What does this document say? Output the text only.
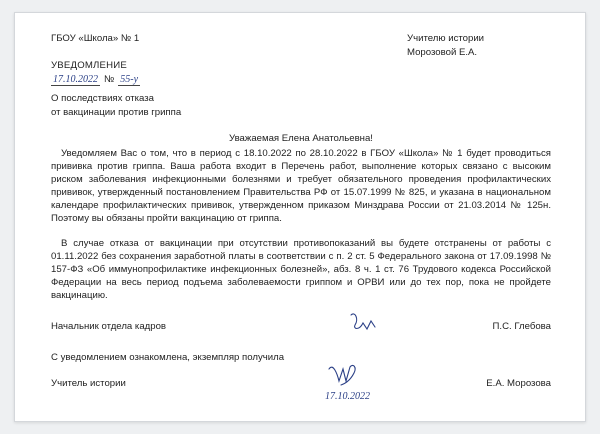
ГБОУ «Школа» № 1	Учителю истории
Морозовой Е.А.
УВЕДОМЛЕНИЕ
17.10.2022 № 55-у
О последствиях отказа
от вакцинации против гриппа
Уважаемая Елена Анатольевна!
Уведомляем Вас о том, что в период с 18.10.2022 по 28.10.2022 в ГБОУ «Школа» № 1 будет проводиться прививка против гриппа. Ваша работа входит в Перечень работ, выполнение которых связано с высоким риском заболевания инфекционными болезнями и требует обязательного проведения профилактических прививок, утвержденный постановлением Правительства РФ от 15.07.1999 № 825, и указана в национальном календаре профилактических прививок, утвержденном приказом Минздрава России от 21.03.2014 № 125н. Поэтому вы обязаны пройти вакцинацию от гриппа.
В случае отказа от вакцинации при отсутствии противопоказаний вы будете отстранены от работы с 01.11.2022 без сохранения заработной платы в соответствии с п. 2 ст. 5 Федерального закона от 17.09.1998 № 157-ФЗ «Об иммунопрофилактике инфекционных болезней», абз. 8 ч. 1 ст. 76 Трудового кодекса Российской Федерации на весь период подъема заболеваемости гриппом и ОРВИ или до тех пор, пока не пройдете вакцинацию.
Начальник отдела кадров	П.С. Глебова
С уведомлением ознакомлена, экземпляр получила
Учитель истории	Е.А. Морозова
17.10.2022
